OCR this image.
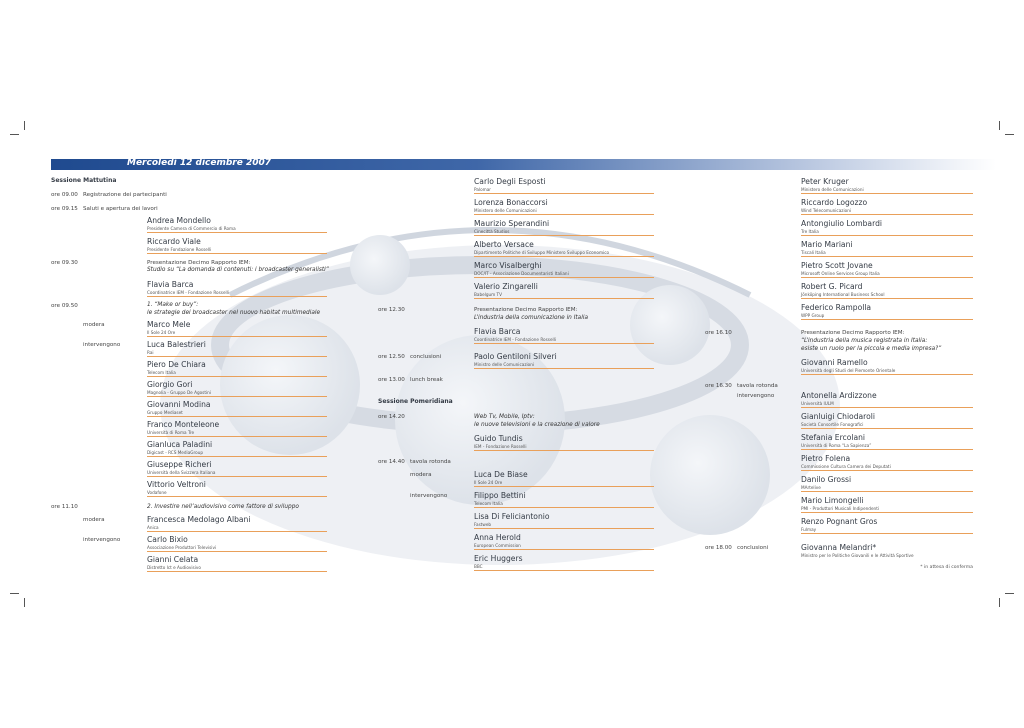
Mercoledì 12 dicembre 2007
Sessione Mattutina
ore 09.00 Registrazione dei partecipanti
ore 09.15 Saluti e apertura dei lavori
Andrea Mondello
Presidente Camera di Commercio di Roma
Riccardo Viale
Presidente Fondazione Rosselli
ore 09.30	Presentazione Decimo Rapporto IEM:
Studio su “La domanda di contenuti: i broadcaster generalisti”
Flavia Barca
Coordinatrice IEM - Fondazione Rosselli
ore 09.50	1. “Make or buy”:
le strategie dei broadcaster nel nuovo habitat multimediale
modera	Marco Mele
Il Sole 24 Ore
intervengono	Luca Balestrieri
Rai
Piero De Chiara
Telecom Italia
Giorgio Gori
Magnolia - Gruppo De Agostini
Giovanni Modina
Gruppo Mediaset
Franco Monteleone
Università di Roma Tre
Gianluca Paladini
Digicast - RCS MediaGroup
Giuseppe Richeri
Università della Svizzera Italiana
Vittorio Veltroni
Vodafone
ore 11.10	2. Investire nell’audiovisivo come fattore di sviluppo
modera	Francesca Medolago Albani
Anica
intervengono	Carlo Bixio
Associazione Produttori Televisivi
Gianni Celata
Distretto Ict e Audiovisivo
Carlo Degli Esposti
Palomar
Lorenza Bonaccorsi
Ministero delle Comunicazioni
Maurizio Sperandini
Cinecittà Studios
Alberto Versace
Dipartimento Politiche di Sviluppo Ministero Sviluppo Economico
Marco Visalberghi
DOC/IT - Associazione Documentaristi Italiani
Valerio Zingarelli
Babelgum TV
ore 12.30	Presentazione Decimo Rapporto IEM:
L’industria della comunicazione in Italia
Flavia Barca
Coordinatrice IEM - Fondazione Rosselli
ore 12.50 conclusioni	Paolo Gentiloni Silveri
Ministro delle Comunicazioni
ore 13.00 lunch break
Sessione Pomeridiana
ore 14.20	Web Tv, Mobile, Iptv:
le nuove televisioni e la creazione di valore
Guido Tundis
IEM - Fondazione Rosselli
ore 14.40 tavola rotonda
modera	Luca De Biase
Il Sole 24 Ore
intervengono	Filippo Bettini
Telecom Italia
Lisa Di Feliciantonio
Fastweb
Anna Herold
European Commission
Eric Huggers
BBC
Peter Kruger
Ministero delle Comunicazioni
Riccardo Logozzo
Wind Telecomunicazioni
Antongiulio Lombardi
Tre Italia
Mario Mariani
Tiscali Italia
Pietro Scott Jovane
Microsoft Online Services Group Italia
Robert G. Picard
Jönköping International Business School
Federico Rampolla
WPP Group
ore 16.10	Presentazione Decimo Rapporto IEM:
“L’industria della musica registrata in Italia:
esiste un ruolo per la piccola e media impresa?”
Giovanni Ramello
Università degli Studi del Piemonte Orientale
ore 16.30 tavola rotonda
intervengono	Antonella Ardizzone
Università IULM
Gianluigi Chiodaroli
Società Consortile Fonografici
Stefania Ercolani
Università di Roma “La Sapienza”
Pietro Folena
Commissione Cultura Camera dei Deputati
Danilo Grossi
MArtelive
Mario Limongelli
PMI - Produttori Musicali Indipendenti
Renzo Pognant Gros
Fulmay
ore 18.00 conclusioni	Giovanna Melandri*
Ministro per le Politiche Giovanili e le Attività Sportive
* in attesa di conferma
